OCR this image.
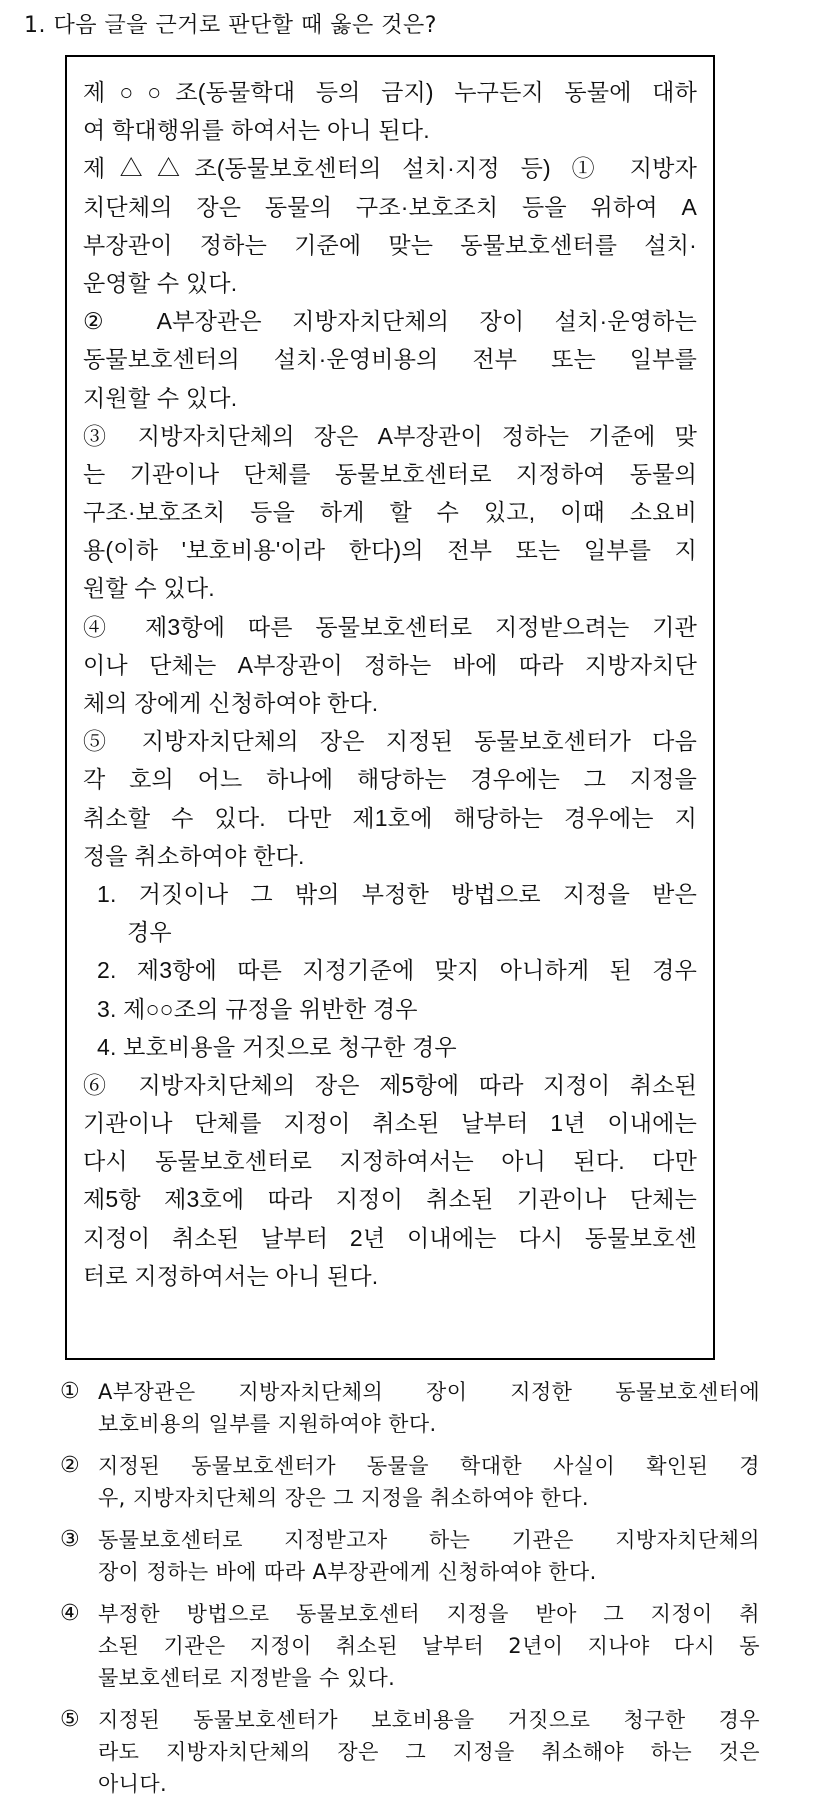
1. 다음 글을 근거로 판단할 때 옳은 것은?
제○○조(동물학대 등의 금지) 누구든지 동물에 대하
여 학대행위를 하여서는 아니 된다.
제△△조(동물보호센터의 설치·지정 등) ① 지방자
치단체의 장은 동물의 구조·보호조치 등을 위하여 A
부장관이 정하는 기준에 맞는 동물보호센터를 설치·
운영할 수 있다.
② A부장관은 지방자치단체의 장이 설치·운영하는
동물보호센터의 설치·운영비용의 전부 또는 일부를
지원할 수 있다.
③ 지방자치단체의 장은 A부장관이 정하는 기준에 맞
는 기관이나 단체를 동물보호센터로 지정하여 동물의
구조·보호조치 등을 하게 할 수 있고, 이때 소요비
용(이하 '보호비용'이라 한다)의 전부 또는 일부를 지
원할 수 있다.
④ 제3항에 따른 동물보호센터로 지정받으려는 기관
이나 단체는 A부장관이 정하는 바에 따라 지방자치단
체의 장에게 신청하여야 한다.
⑤ 지방자치단체의 장은 지정된 동물보호센터가 다음
각 호의 어느 하나에 해당하는 경우에는 그 지정을
취소할 수 있다. 다만 제1호에 해당하는 경우에는 지
정을 취소하여야 한다.
1. 거짓이나 그 밖의 부정한 방법으로 지정을 받은
경우
2. 제3항에 따른 지정기준에 맞지 아니하게 된 경우
3. 제○○조의 규정을 위반한 경우
4. 보호비용을 거짓으로 청구한 경우
⑥ 지방자치단체의 장은 제5항에 따라 지정이 취소된
기관이나 단체를 지정이 취소된 날부터 1년 이내에는
다시 동물보호센터로 지정하여서는 아니 된다. 다만
제5항 제3호에 따라 지정이 취소된 기관이나 단체는
지정이 취소된 날부터 2년 이내에는 다시 동물보호센
터로 지정하여서는 아니 된다.
① A부장관은 지방자치단체의 장이 지정한 동물보호센터에
보호비용의 일부를 지원하여야 한다.
② 지정된 동물보호센터가 동물을 학대한 사실이 확인된 경
우, 지방자치단체의 장은 그 지정을 취소하여야 한다.
③ 동물보호센터로 지정받고자 하는 기관은 지방자치단체의
장이 정하는 바에 따라 A부장관에게 신청하여야 한다.
④ 부정한 방법으로 동물보호센터 지정을 받아 그 지정이 취
소된 기관은 지정이 취소된 날부터 2년이 지나야 다시 동
물보호센터로 지정받을 수 있다.
⑤ 지정된 동물보호센터가 보호비용을 거짓으로 청구한 경우
라도 지방자치단체의 장은 그 지정을 취소해야 하는 것은
아니다.
